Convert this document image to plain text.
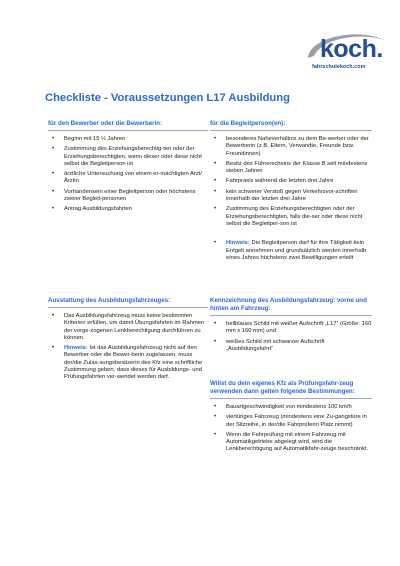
koch.
fahrschulekoch.com
Checkliste - Voraussetzungen L17 Ausbildung
für den Bewerber oder die Bewerberin:
• Beginn mit 15 ½ Jahren
• Zustimmung des Erziehungsberechtig-ten oder der Erziehungsberechtigten, wenn dieser oder diese nicht selbst die Begleitperson ist
• ärztliche Untersuchung von einem er-mächtigten Arzt/Ärztin
• Vorhandensein einer Begleitperson oder höchstens zweier Begleit-personen
• Antrag Ausbildungsfahrten
für die Begleitperson(en):
• besonderes Naheverhältnis zu dem Be-werber oder der Bewerberin (z.B. Eltern, Verwandte, Freunde bzw. Freundinnen)
• Besitz des Führerscheins der Klasse B seit mindestens sieben Jahren
• Fahrpraxis während der letzten drei Jahre
• kein schwerer Verstoß gegen Verkehrsvor-schriften innerhalb der letzten drei Jahre
• Zustimmung des Erziehungsberechtigten oder der Erziehungsberechtigten, falls die-ser oder diese nicht selbst die Begleitper-son ist
• Hinweis: Die Begleitperson darf für ihre Tätigkeit kein Entgelt annehmen und grundsätzlich werden innerhalb eines Jahres höchstens zwei Bewilligungen erteilt
Ausstattung des Ausbildungsfahrzeuges:
• Das Ausbildungsfahrzeug muss keine bestimmten Kriterien erfüllen, um damit Übungsfahrten im Rahmen der vorge-zogenen Lenkberechtigung durchführen zu können.
• Hinweis: Ist das Ausbildungsfahrzeug nicht auf den Bewerber oder die Bewer-berin zugelassen, muss der/die Zulas-sungsbesitzerin des Kfz eine schriftliche Zustimmung geben, dass dieses für Ausbildungs- und Prüfungsfahrten ver-wendet werden darf.
Kennzeichnung des Ausbildungsfahrzeug: vorne und hinten am Fahrzeug:
• hellblaues Schild mit weißer Aufschrift „L17“ (Größe: 160 mm x 160 mm) und
• weißes Schild mit schwarzer Aufschrift „Ausbildungsfahrt“
Willst du dein eigenes Kfz als Prüfungsfahr-zeug verwenden dann gelten folgende Bestimmungen:
• Bauartgeschwindigkeit von mindestens 100 km/h
• viertüriges Fahrzeug (mindestens eine Zu-gangstüre in der Sitzreihe, in der/die Fahrprüferin Platz nimmt)
• Wenn die Fahrprüfung mit einem Fahrzeug mit Automatikgetriebe abgelegt wird, wird die Lenkberechtigung auf Automatikfahr-zeuge beschränkt.
